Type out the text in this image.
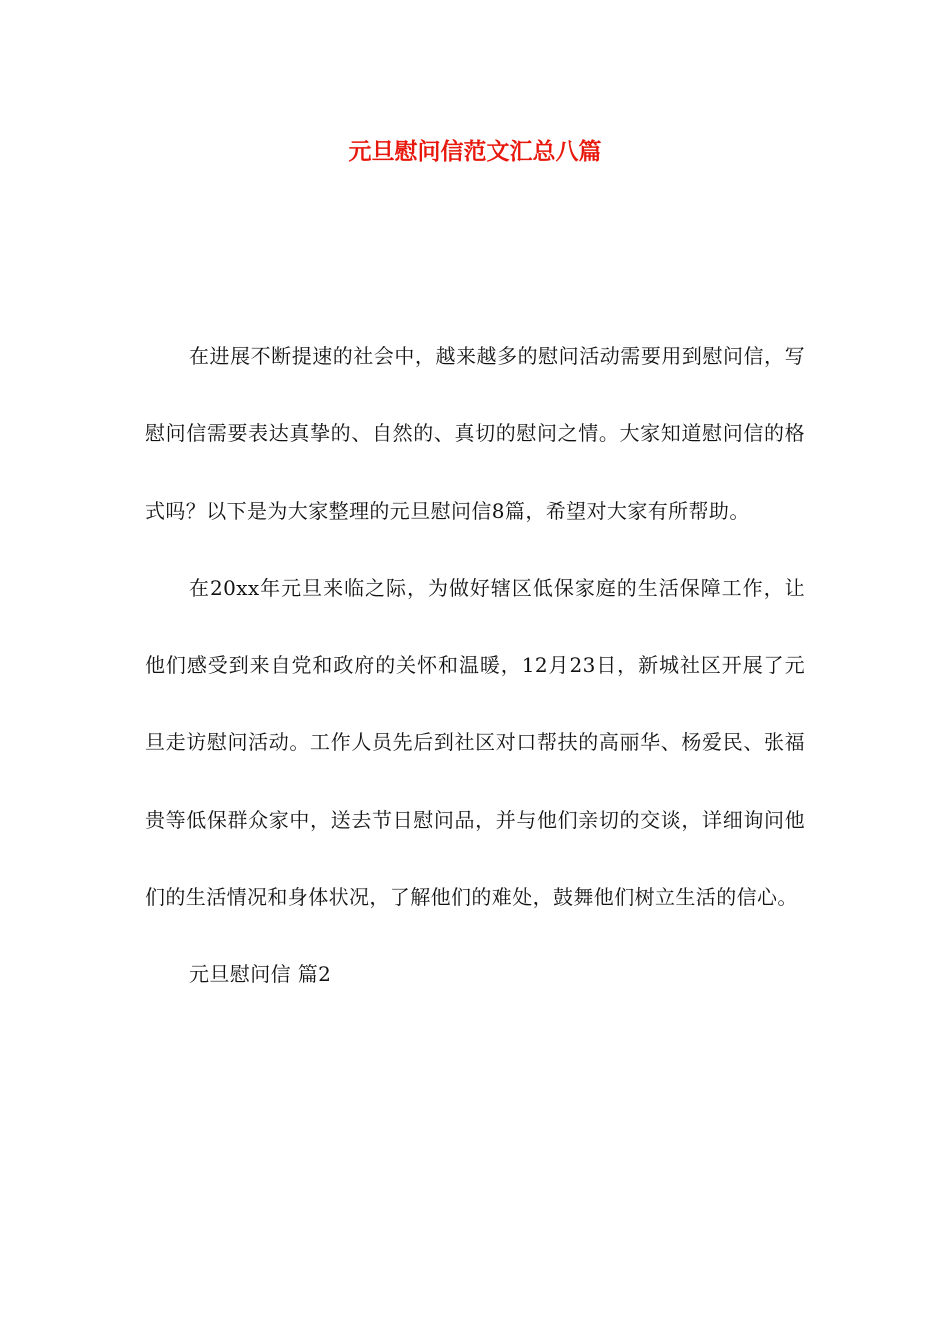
元旦慰问信范文汇总八篇

在进展不断提速的社会中，越来越多的慰问活动需要用到慰问信，写慰问信需要表达真挚的、自然的、真切的慰问之情。大家知道慰问信的格式吗？以下是为大家整理的元旦慰问信8篇，希望对大家有所帮助。

在20xx年元旦来临之际，为做好辖区低保家庭的生活保障工作，让他们感受到来自党和政府的关怀和温暖，12月23日，新城社区开展了元旦走访慰问活动。工作人员先后到社区对口帮扶的高丽华、杨爱民、张福贵等低保群众家中，送去节日慰问品，并与他们亲切的交谈，详细询问他们的生活情况和身体状况，了解他们的难处，鼓舞他们树立生活的信心。

元旦慰问信 篇2
